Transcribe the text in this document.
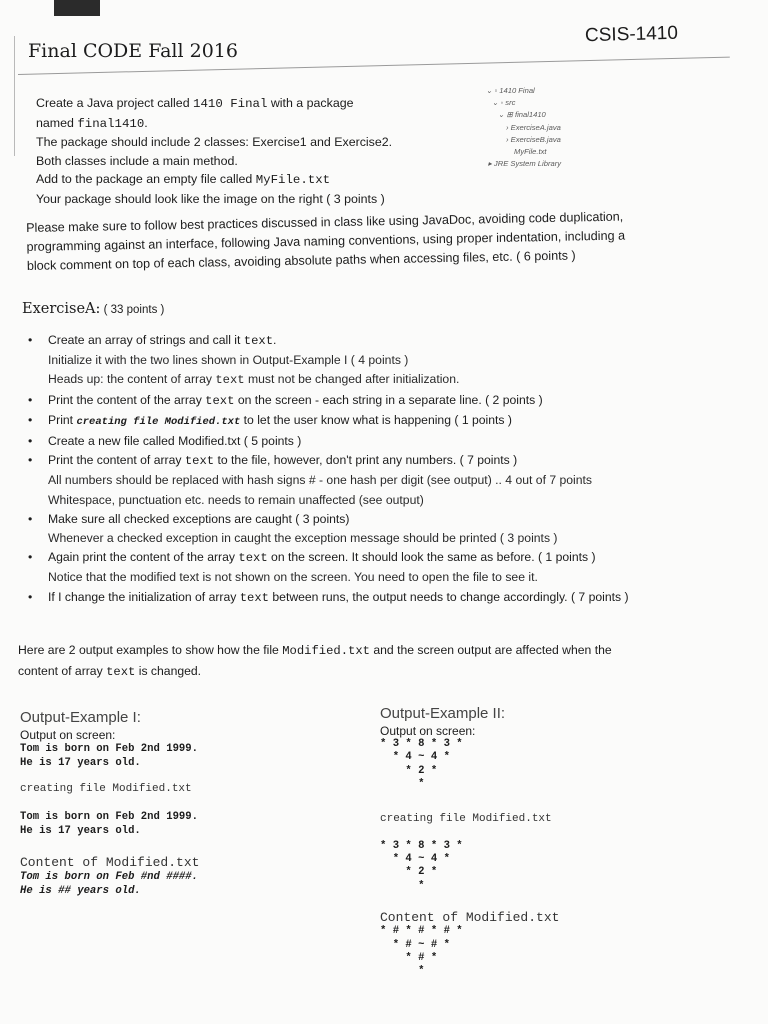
Final CODE Fall 2016
CSIS-1410
Create a Java project called 1410 Final with a package
named final1410.
The package should include 2 classes: Exercise1 and Exercise2.
Both classes include a main method.
Add to the package an empty file called MyFile.txt
Your package should look like the image on the right ( 3 points )
⌄ ▫ 1410 Final
⌄ ◦ src
⌄ ⊞ final1410
› ExerciseA.java
› ExerciseB.java
MyFile.txt
▸ JRE System Library
Please make sure to follow best practices discussed in class like using JavaDoc, avoiding code duplication,
programming against an interface, following Java naming conventions, using proper indentation, including a
block comment on top of each class, avoiding absolute paths when accessing files, etc. ( 6 points )
ExerciseA: ( 33 points )
• Create an array of strings and call it text.
Initialize it with the two lines shown in Output-Example I ( 4 points )
Heads up: the content of array text must not be changed after initialization.
• Print the content of the array text on the screen - each string in a separate line. ( 2 points )
• Print creating file Modified.txt to let the user know what is happening ( 1 points )
• Create a new file called Modified.txt ( 5 points )
• Print the content of array text to the file, however, don't print any numbers. ( 7 points )
All numbers should be replaced with hash signs # - one hash per digit (see output) .. 4 out of 7 points
Whitespace, punctuation etc. needs to remain unaffected (see output)
• Make sure all checked exceptions are caught ( 3 points)
Whenever a checked exception in caught the exception message should be printed ( 3 points )
• Again print the content of the array text on the screen. It should look the same as before. ( 1 points )
Notice that the modified text is not shown on the screen. You need to open the file to see it.
• If I change the initialization of array text between runs, the output needs to change accordingly. ( 7 points )
Here are 2 output examples to show how the file Modified.txt and the screen output are affected when the
content of array text is changed.
Output-Example I:
Output on screen:
Tom is born on Feb 2nd 1999.
He is 17 years old.
creating file Modified.txt
Tom is born on Feb 2nd 1999.
He is 17 years old.
Content of Modified.txt
Tom is born on Feb #nd ####.
He is ## years old.
Output-Example II:
Output on screen:
* 3 * 8 * 3 *
* 4 ~ 4 *
* 2 *
*
creating file Modified.txt
* 3 * 8 * 3 *
* 4 ~ 4 *
* 2 *
*
Content of Modified.txt
* # * # * # *
* # ~ # *
* # *
*
